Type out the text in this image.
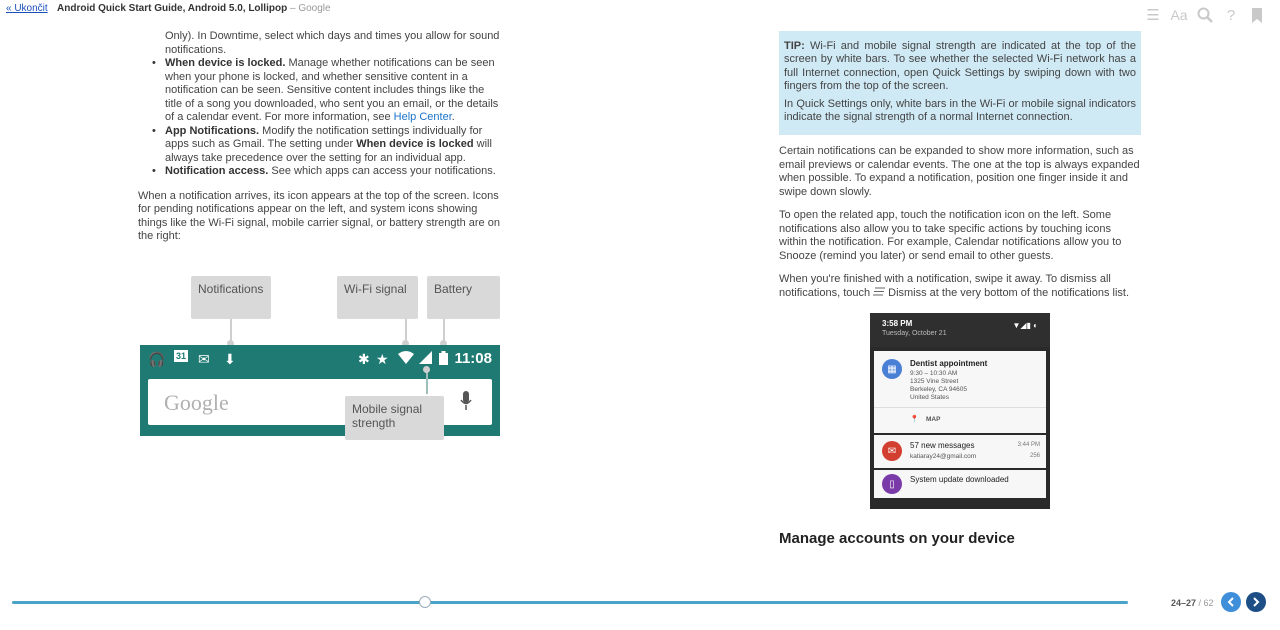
« Ukončit Android Quick Start Guide, Android 5.0, Lollipop – Google	☰ Aa	?
Only). In Downtime, select which days and times you allow for sound notifications.
• When device is locked. Manage whether notifications can be seen when your phone is locked, and whether sensitive content in a notification can be seen. Sensitive content includes things like the title of a song you downloaded, who sent you an email, or the details of a calendar event. For more information, see Help Center.
• App Notifications. Modify the notification settings individually for apps such as Gmail. The setting under When device is locked will always take precedence over the setting for an individual app.
• Notification access. See which apps can access your notifications.

When a notification arrives, its icon appears at the top of the screen. Icons for pending notifications appear on the left, and system icons showing things like the Wi-Fi signal, mobile carrier signal, or battery strength are on the right:

Notifications	Wi-Fi signal	Battery
🎧 31 ✉ ⬇	✱ ★	11:08
Google	Mobile signal strength

TIP: Wi-Fi and mobile signal strength are indicated at the top of the screen by white bars. To see whether the selected Wi-Fi network has a full Internet connection, open Quick Settings by swiping down with two fingers from the top of the screen.

In Quick Settings only, white bars in the Wi-Fi or mobile signal indicators indicate the signal strength of a normal Internet connection.

Certain notifications can be expanded to show more information, such as email previews or calendar events. The one at the top is always expanded when possible. To expand a notification, position one finger inside it and swipe down slowly.

To open the related app, touch the notification icon on the left. Some notifications also allow you to take specific actions by touching icons within the notification. For example, Calendar notifications allow you to Snooze (remind you later) or send email to other guests.

When you're finished with a notification, swipe it away. To dismiss all notifications, touch Dismiss at the very bottom of the notifications list.

3:58 PM
Tuesday, October 21
▼◢▮ ◐
▦	Dentist appointment
9:30 – 10:30 AM
1325 Vine Street
Berkeley, CA 94605
United States
📍 MAP
✉	57 new messages
katiaray24@gmail.com
3:44 PM
256
▯	System update downloaded
Manage accounts on your device
24–27 / 62
